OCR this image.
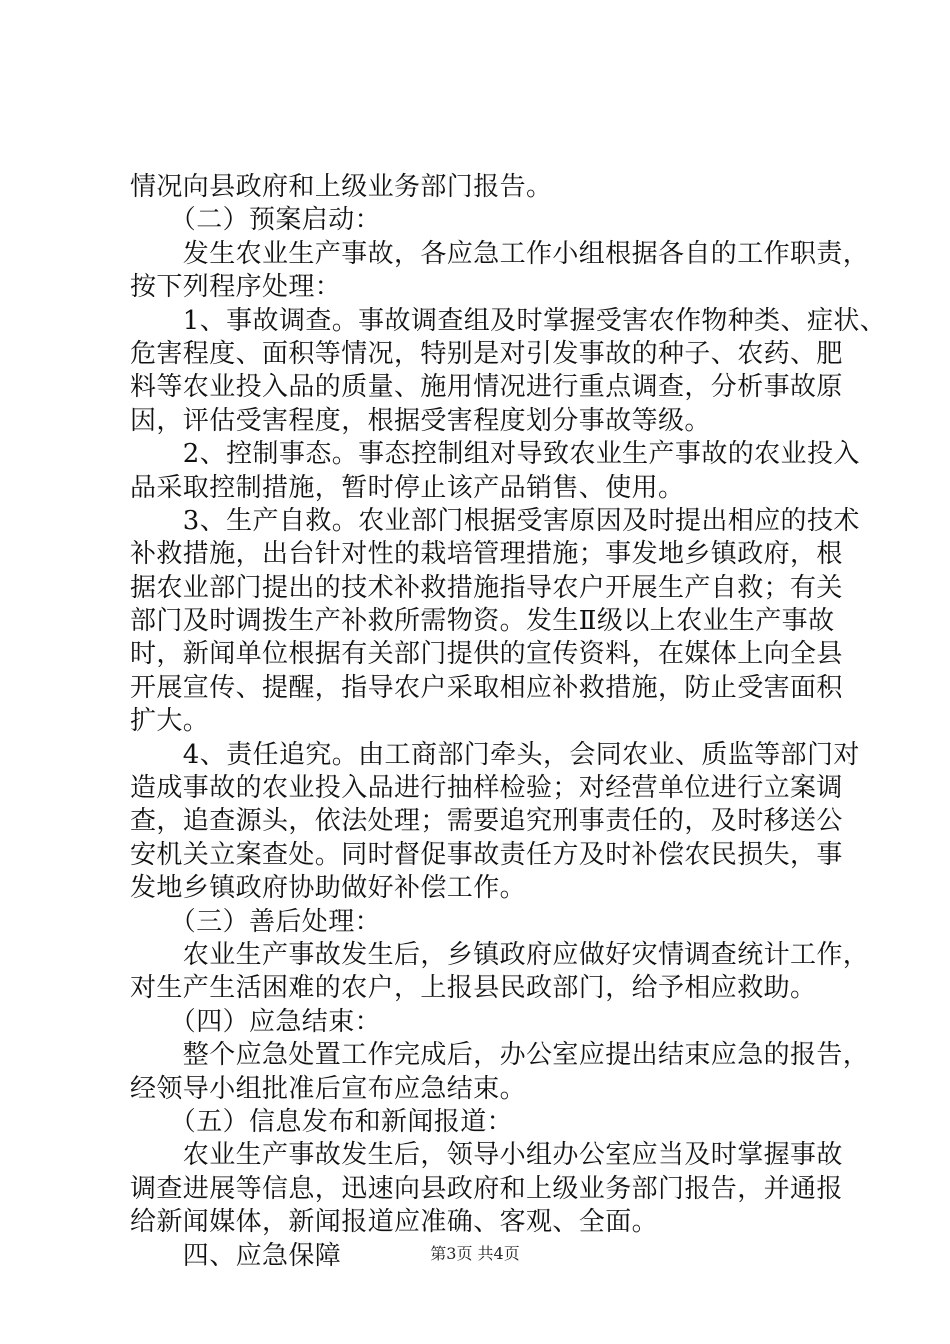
情况向县政府和上级业务部门报告。
　　（二）预案启动：
　　发生农业生产事故，各应急工作小组根据各自的工作职责，
按下列程序处理：
　　1、事故调查。事故调查组及时掌握受害农作物种类、症状、
危害程度、面积等情况，特别是对引发事故的种子、农药、肥
料等农业投入品的质量、施用情况进行重点调查，分析事故原
因，评估受害程度，根据受害程度划分事故等级。
　　2、控制事态。事态控制组对导致农业生产事故的农业投入
品采取控制措施，暂时停止该产品销售、使用。
　　3、生产自救。农业部门根据受害原因及时提出相应的技术
补救措施，出台针对性的栽培管理措施；事发地乡镇政府，根
据农业部门提出的技术补救措施指导农户开展生产自救；有关
部门及时调拨生产补救所需物资。发生Ⅱ级以上农业生产事故
时，新闻单位根据有关部门提供的宣传资料，在媒体上向全县
开展宣传、提醒，指导农户采取相应补救措施，防止受害面积
扩大。
　　4、责任追究。由工商部门牵头，会同农业、质监等部门对
造成事故的农业投入品进行抽样检验；对经营单位进行立案调
查，追查源头，依法处理；需要追究刑事责任的，及时移送公
安机关立案查处。同时督促事故责任方及时补偿农民损失，事
发地乡镇政府协助做好补偿工作。
　　（三）善后处理：
　　农业生产事故发生后，乡镇政府应做好灾情调查统计工作，
对生产生活困难的农户，上报县民政部门，给予相应救助。
　　（四）应急结束：
　　整个应急处置工作完成后，办公室应提出结束应急的报告，
经领导小组批准后宣布应急结束。
　　（五）信息发布和新闻报道：
　　农业生产事故发生后，领导小组办公室应当及时掌握事故
调查进展等信息，迅速向县政府和上级业务部门报告，并通报
给新闻媒体，新闻报道应准确、客观、全面。
　　四、应急保障	第3页 共4页
